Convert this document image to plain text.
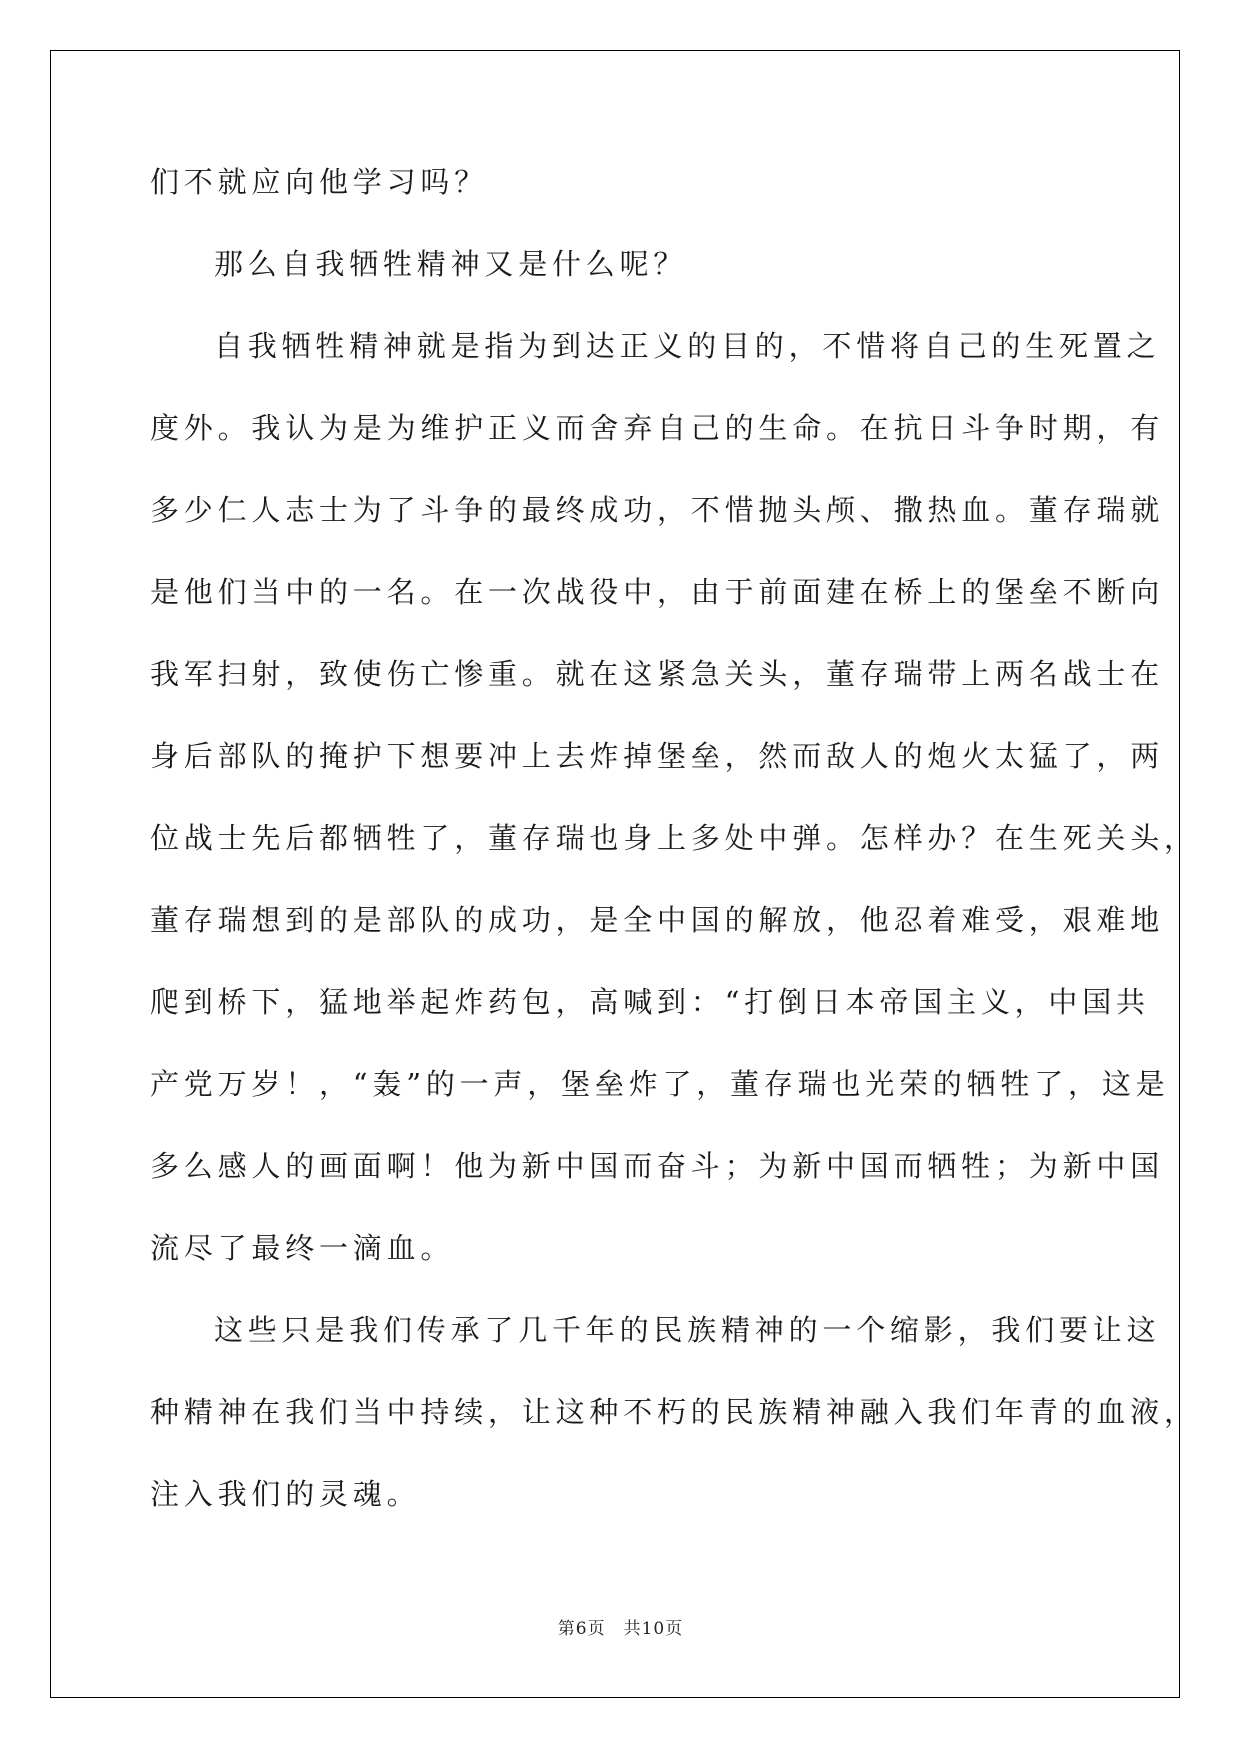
们不就应向他学习吗？
那么自我牺牲精神又是什么呢？
自我牺牲精神就是指为到达正义的目的，不惜将自己的生死置之
度外。我认为是为维护正义而舍弃自己的生命。在抗日斗争时期，有
多少仁人志士为了斗争的最终成功，不惜抛头颅、撒热血。董存瑞就
是他们当中的一名。在一次战役中，由于前面建在桥上的堡垒不断向
我军扫射，致使伤亡惨重。就在这紧急关头，董存瑞带上两名战士在
身后部队的掩护下想要冲上去炸掉堡垒，然而敌人的炮火太猛了，两
位战士先后都牺牲了，董存瑞也身上多处中弹。怎样办？在生死关头，
董存瑞想到的是部队的成功，是全中国的解放，他忍着难受，艰难地
爬到桥下，猛地举起炸药包，高喊到：“打倒日本帝国主义，中国共
产党万岁！，“轰”的一声，堡垒炸了，董存瑞也光荣的牺牲了，这是
多么感人的画面啊！他为新中国而奋斗；为新中国而牺牲；为新中国
流尽了最终一滴血。
这些只是我们传承了几千年的民族精神的一个缩影，我们要让这
种精神在我们当中持续，让这种不朽的民族精神融入我们年青的血液，
注入我们的灵魂。
第6页 共10页
